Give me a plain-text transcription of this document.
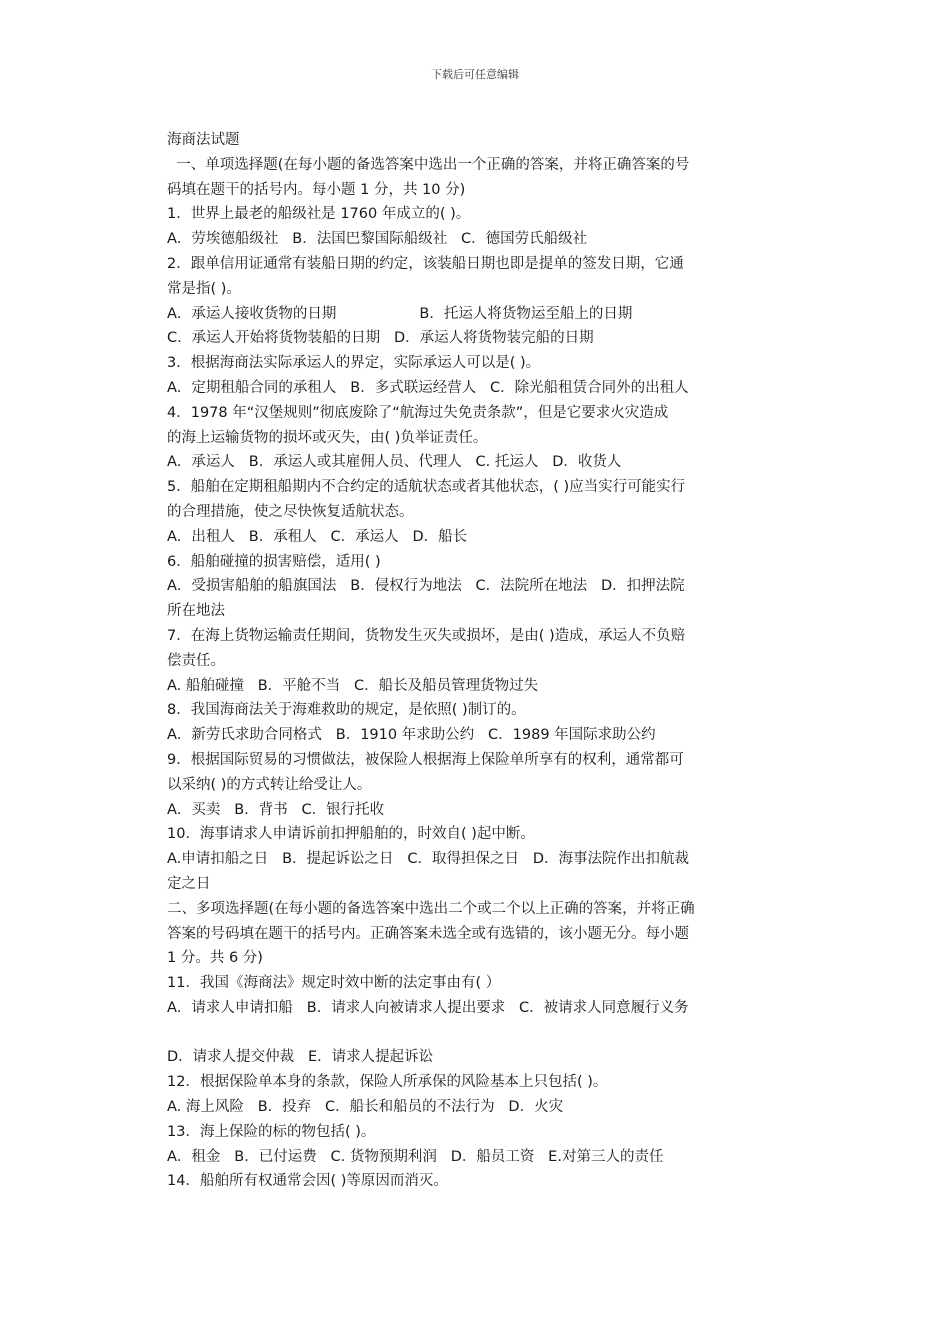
下载后可任意编辑
海商法试题
一、单项选择题(在每小题的备选答案中选出一个正确的答案，并将正确答案的号
码填在题干的括号内。每小题 1 分，共 10 分)
1．世界上最老的船级社是 1760 年成立的( )。
A．劳埃德船级社   B．法国巴黎国际船级社   C．德国劳氏船级社
2．跟单信用证通常有装船日期的约定，该装船日期也即是提单的签发日期，它通
常是指( )。
A．承运人接收货物的日期                  B．托运人将货物运至船上的日期
C．承运人开始将货物装船的日期   D．承运人将货物装完船的日期
3．根据海商法实际承运人的界定，实际承运人可以是( )。
A．定期租船合同的承租人   B．多式联运经营人   C．除光船租赁合同外的出租人
4．1978 年“汉堡规则”彻底废除了“航海过失免责条款”，但是它要求火灾造成
的海上运输货物的损坏或灭失，由( )负举证责任。
A．承运人   B．承运人或其雇佣人员、代理人   C. 托运人   D．收货人
5．船舶在定期租船期内不合约定的适航状态或者其他状态，( )应当实行可能实行
的合理措施，使之尽快恢复适航状态。
A．出租人   B．承租人   C．承运人   D．船长
6．船舶碰撞的损害赔偿，适用( )
A．受损害船舶的船旗国法   B．侵权行为地法   C．法院所在地法   D．扣押法院
所在地法
7．在海上货物运输责任期间，货物发生灭失或损坏，是由( )造成，承运人不负赔
偿责任。
A. 船舶碰撞   B．平舱不当   C．船长及船员管理货物过失
8．我国海商法关于海难救助的规定，是依照( )制订的。
A．新劳氏求助合同格式   B．1910 年求助公约   C．1989 年国际求助公约
9．根据国际贸易的习惯做法，被保险人根据海上保险单所享有的权利，通常都可
以采纳( )的方式转让给受让人。
A．买卖   B．背书   C．银行托收
10．海事请求人申请诉前扣押船舶的，时效自( )起中断。
A.申请扣船之日   B．提起诉讼之日   C．取得担保之日   D．海事法院作出扣航裁
定之日
二、多项选择题(在每小题的备选答案中选出二个或二个以上正确的答案，并将正确
答案的号码填在题干的括号内。正确答案未选全或有选错的，该小题无分。每小题
1 分。共 6 分)
11．我国《海商法》规定时效中断的法定事由有( ）
A．请求人申请扣船   B．请求人向被请求人提出要求   C．被请求人同意履行义务
D．请求人提交仲裁   E．请求人提起诉讼
12．根据保险单本身的条款，保险人所承保的风险基本上只包括( )。
A. 海上风险   B．投弃   C．船长和船员的不法行为   D．火灾
13．海上保险的标的物包括( )。
A．租金   B．已付运费   C. 货物预期利润   D．船员工资   E.对第三人的责任
14．船舶所有权通常会因( )等原因而消灭。
